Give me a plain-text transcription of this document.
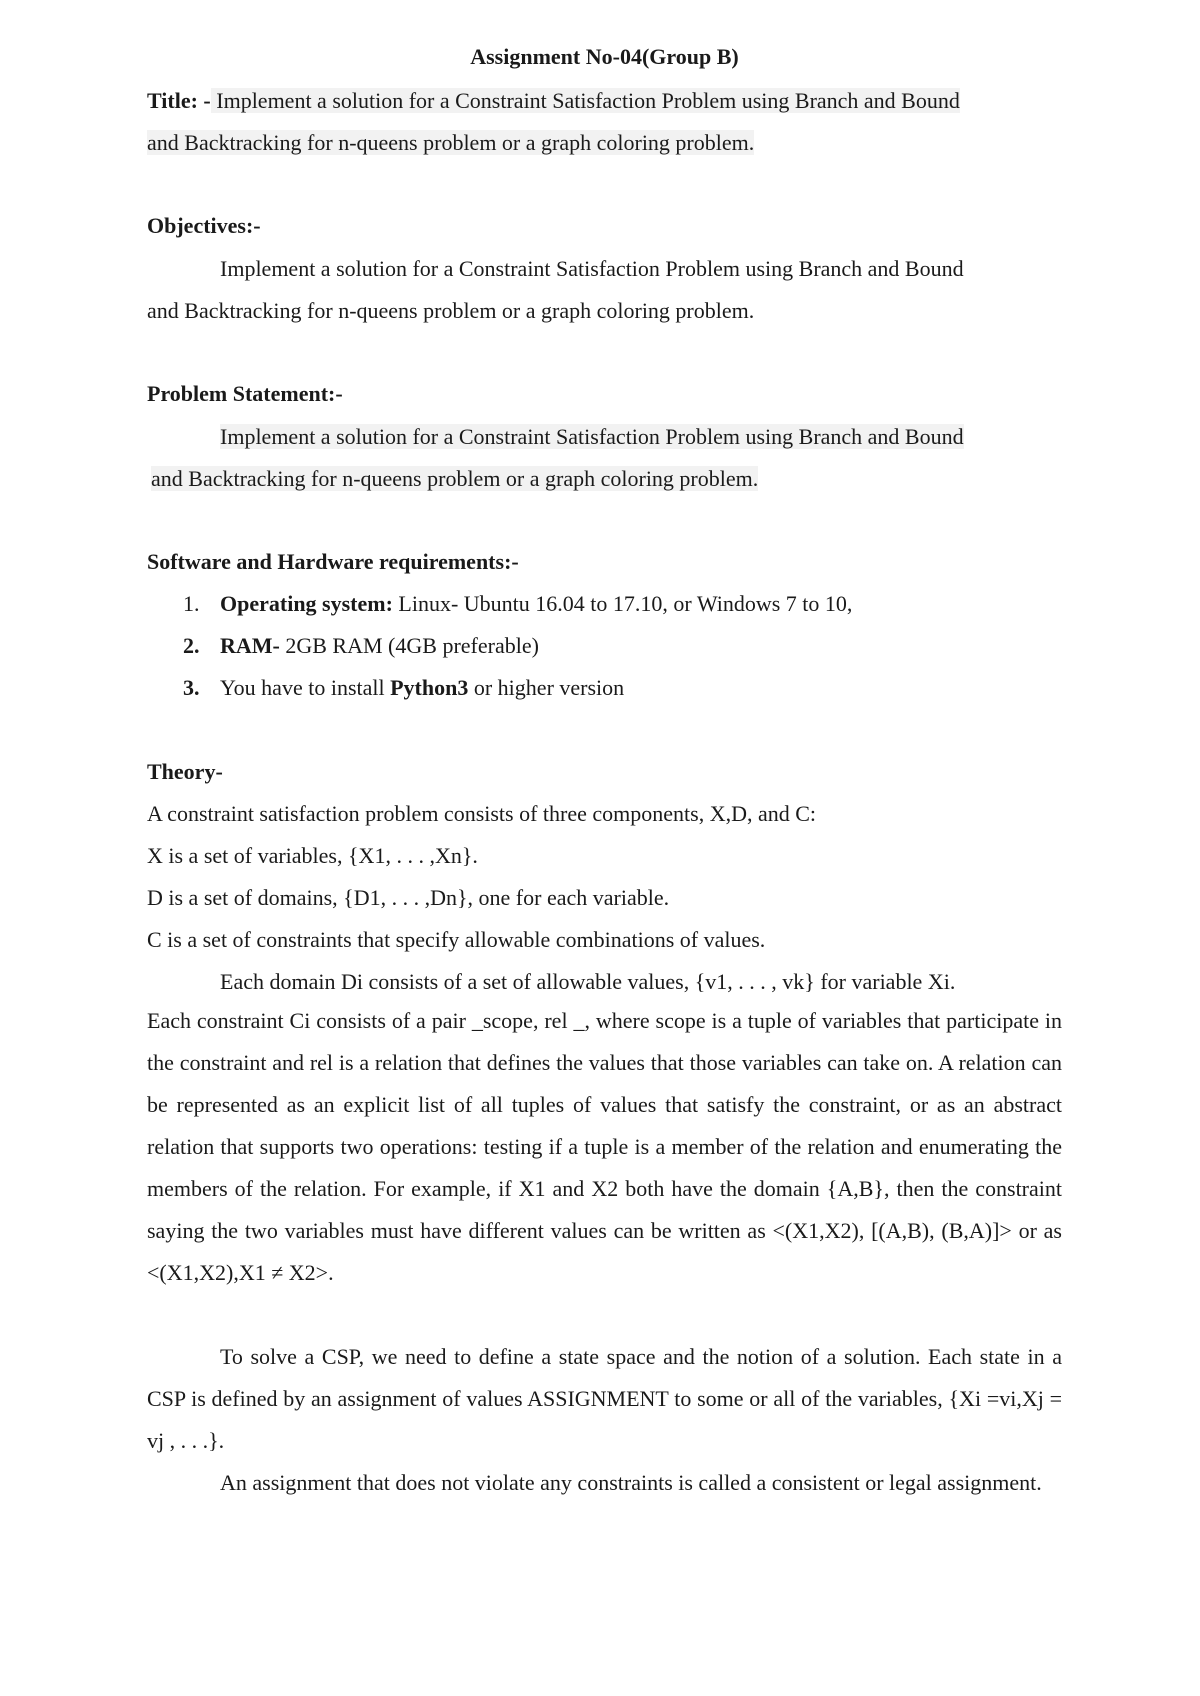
Assignment No-04(Group B)
Title: - Implement a solution for a Constraint Satisfaction Problem using Branch and Bound
and Backtracking for n-queens problem or a graph coloring problem.
Objectives:-
Implement a solution for a Constraint Satisfaction Problem using Branch and Bound
and Backtracking for n-queens problem or a graph coloring problem.
Problem Statement:-
Implement a solution for a Constraint Satisfaction Problem using Branch and Bound
and Backtracking for n-queens problem or a graph coloring problem.
Software and Hardware requirements:-
1. Operating system: Linux- Ubuntu 16.04 to 17.10, or Windows 7 to 10,
2. RAM- 2GB RAM (4GB preferable)
3. You have to install Python3 or higher version
Theory-
A constraint satisfaction problem consists of three components, X,D, and C:
X is a set of variables, {X1, . . . ,Xn}.
D is a set of domains, {D1, . . . ,Dn}, one for each variable.
C is a set of constraints that specify allowable combinations of values.
Each domain Di consists of a set of allowable values, {v1, . . . , vk} for variable Xi.
Each constraint Ci consists of a pair _scope, rel _, where scope is a tuple of variables that participate in the constraint and rel is a relation that defines the values that those variables can take on. A relation can be represented as an explicit list of all tuples of values that satisfy the constraint, or as an abstract relation that supports two operations: testing if a tuple is a member of the relation and enumerating the members of the relation. For example, if X1 and X2 both have the domain {A,B}, then the constraint saying the two variables must have different values can be written as <(X1,X2), [(A,B), (B,A)]> or as <(X1,X2),X1 ≠ X2>.
To solve a CSP, we need to define a state space and the notion of a solution. Each state in a CSP is defined by an assignment of values ASSIGNMENT to some or all of the variables, {Xi =vi,Xj = vj , . . .}.
An assignment that does not violate any constraints is called a consistent or legal assignment.
